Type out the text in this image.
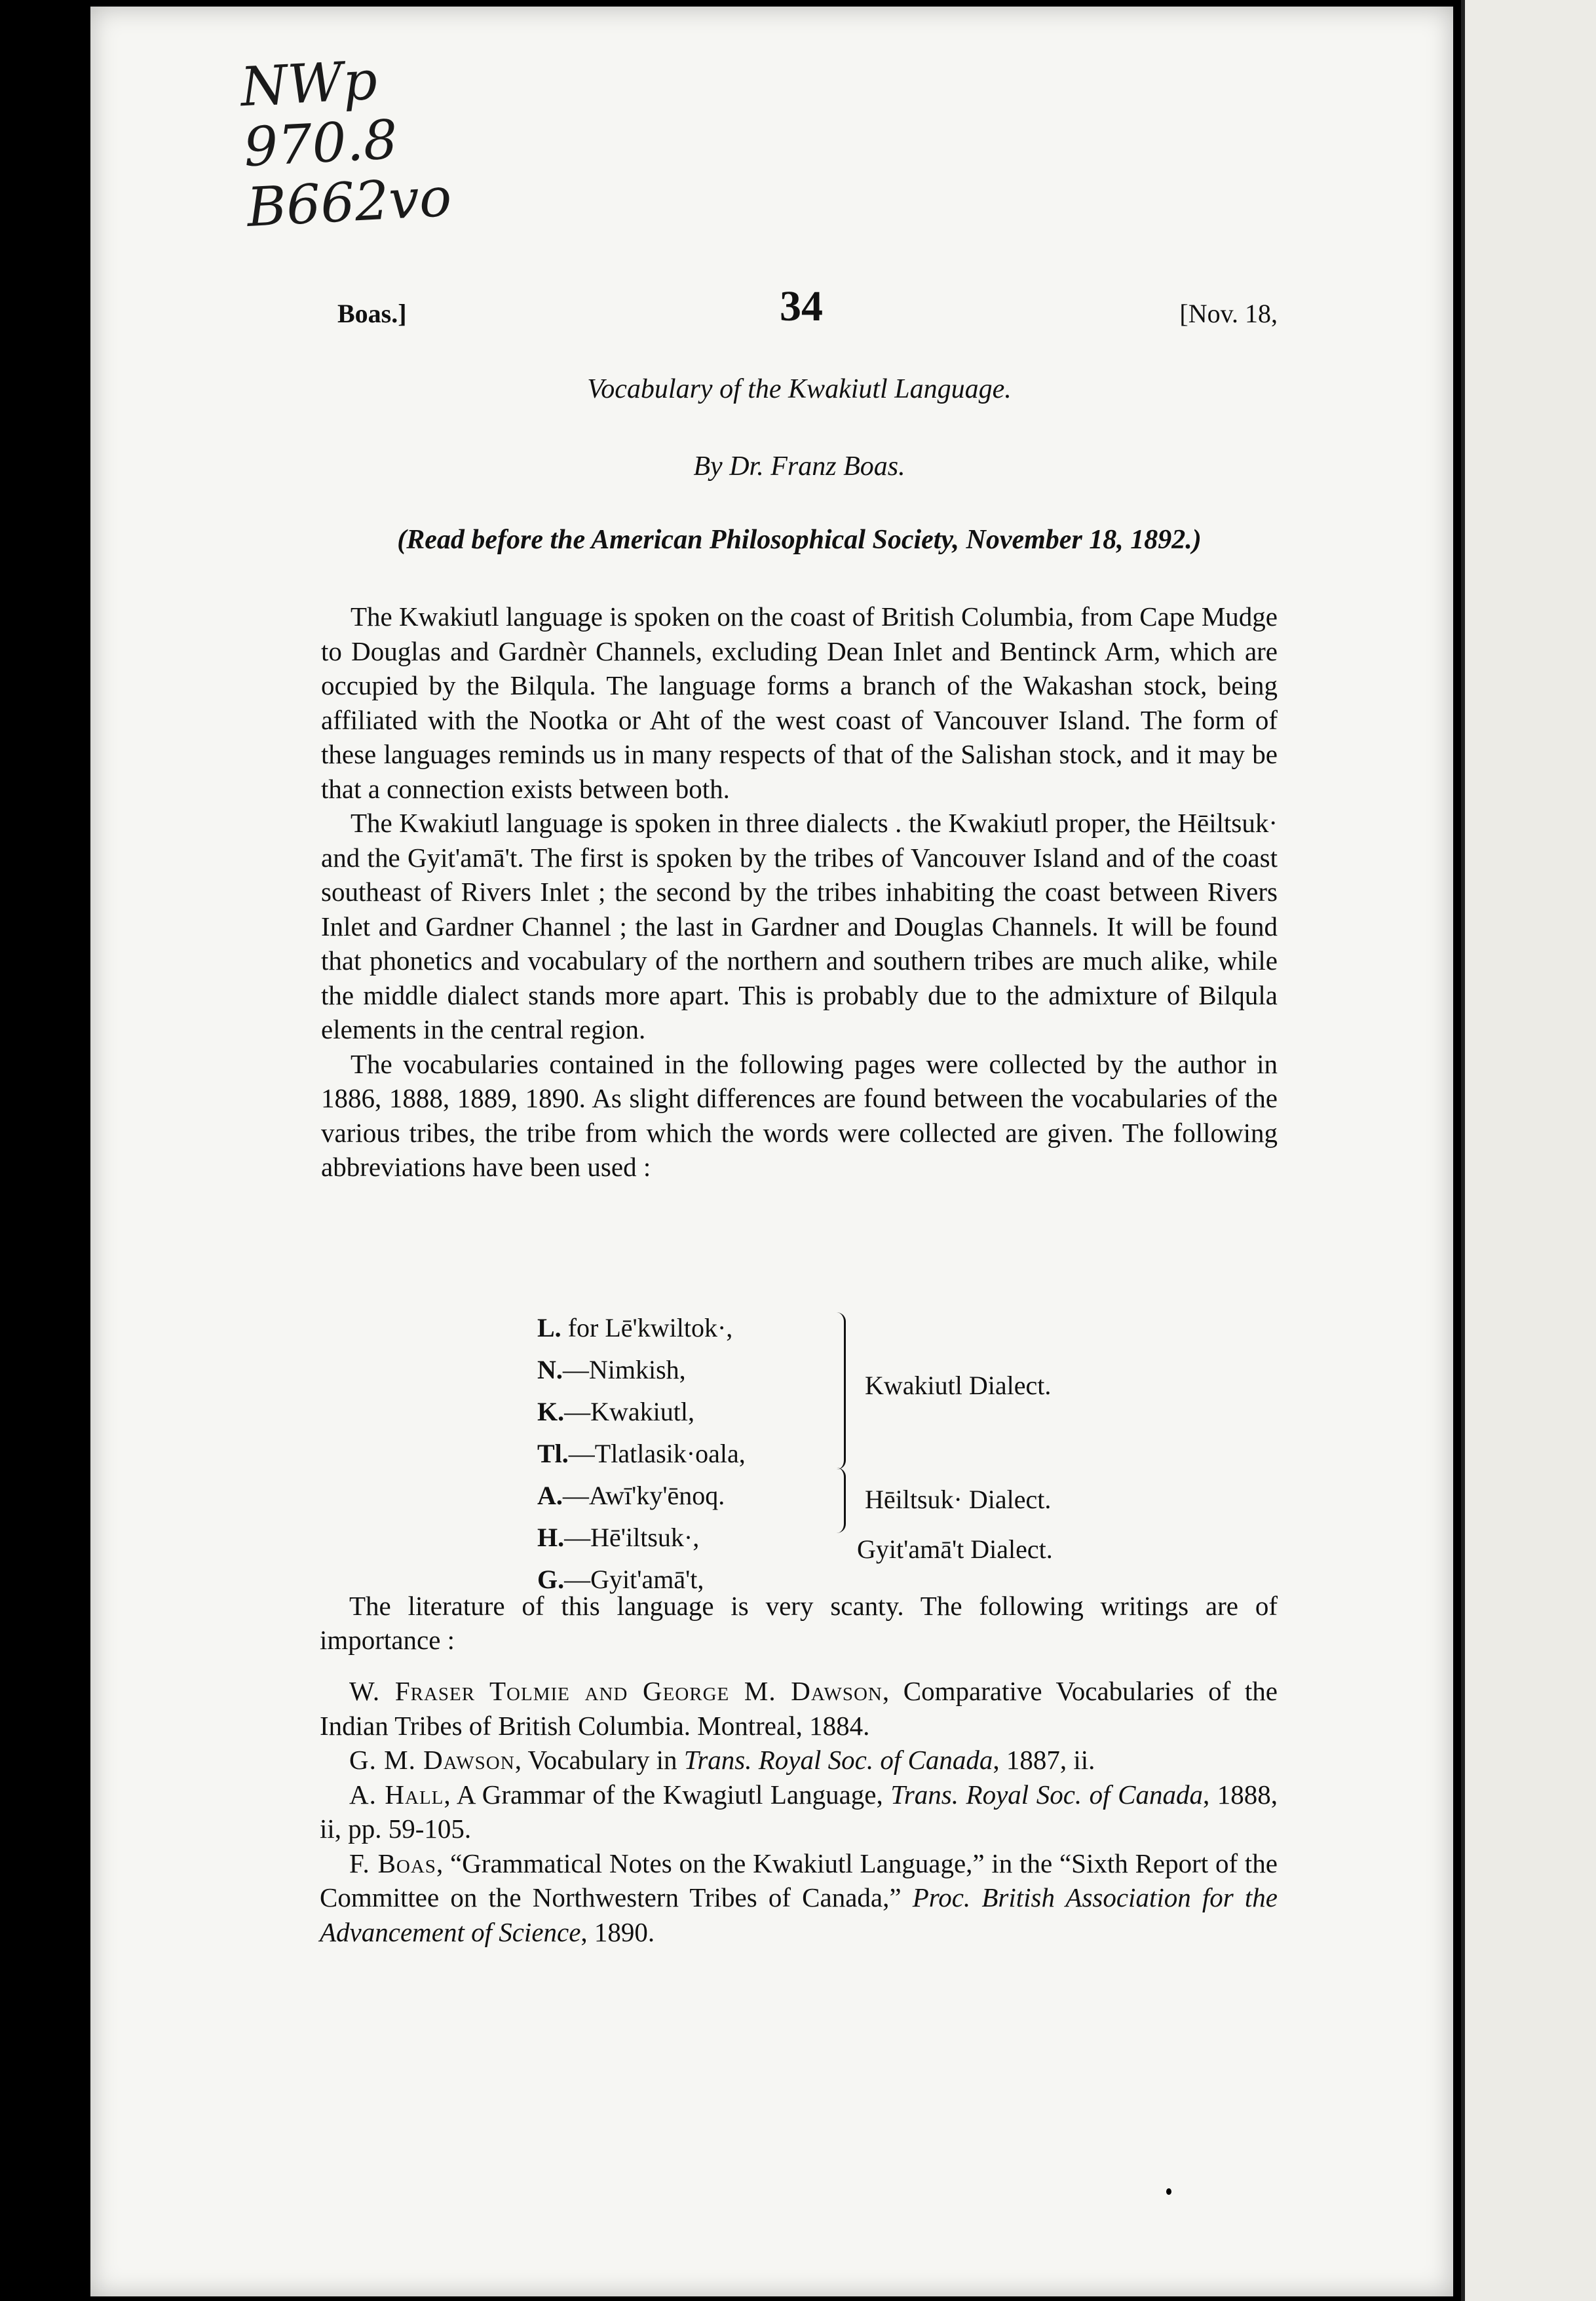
NWp
970.8
B662vo
Boas.]	34	[Nov. 18,
Vocabulary of the Kwakiutl Language.
By Dr. Franz Boas.
(Read before the American Philosophical Society, November 18, 1892.)

The Kwakiutl language is spoken on the coast of British Columbia, from Cape Mudge to Douglas and Gardnèr Channels, excluding Dean Inlet and Bentinck Arm, which are occupied by the Bilqula. The language forms a branch of the Wakashan stock, being affiliated with the Nootka or Aht of the west coast of Vancouver Island. The form of these languages reminds us in many respects of that of the Salishan stock, and it may be that a connection exists between both.

The Kwakiutl language is spoken in three dialects . the Kwakiutl proper, the Hēiltsuk· and the Gyit'amā't. The first is spoken by the tribes of Vancouver Island and of the coast southeast of Rivers Inlet ; the second by the tribes inhabiting the coast between Rivers Inlet and Gardner Channel ; the last in Gardner and Douglas Channels. It will be found that phonetics and vocabulary of the northern and southern tribes are much alike, while the middle dialect stands more apart. This is probably due to the admixture of Bilqula elements in the central region.

The vocabularies contained in the following pages were collected by the author in 1886, 1888, 1889, 1890. As slight differences are found between the vocabularies of the various tribes, the tribe from which the words were collected are given. The following abbreviations have been used :

L. for Lē'kwiltok·,
N.—Nimkish,
K.—Kwakiutl,
Tl.—Tlatlasik·oala,
A.—Awī'ky'ēnoq.
H.—Hē'iltsuk·,
G.—Gyit'amā't,
Kwakiutl Dialect.
Hēiltsuk· Dialect.
Gyit'amā't Dialect.

The literature of this language is very scanty. The following writings are of importance :

W. Fraser Tolmie and George M. Dawson, Comparative Vocabularies of the Indian Tribes of British Columbia. Montreal, 1884.

G. M. Dawson, Vocabulary in Trans. Royal Soc. of Canada, 1887, ii.

A. Hall, A Grammar of the Kwagiutl Language, Trans. Royal Soc. of Canada, 1888, ii, pp. 59-105.

F. Boas, “Grammatical Notes on the Kwakiutl Language,” in the “Sixth Report of the Committee on the Northwestern Tribes of Canada,” Proc. British Association for the Advancement of Science, 1890.
